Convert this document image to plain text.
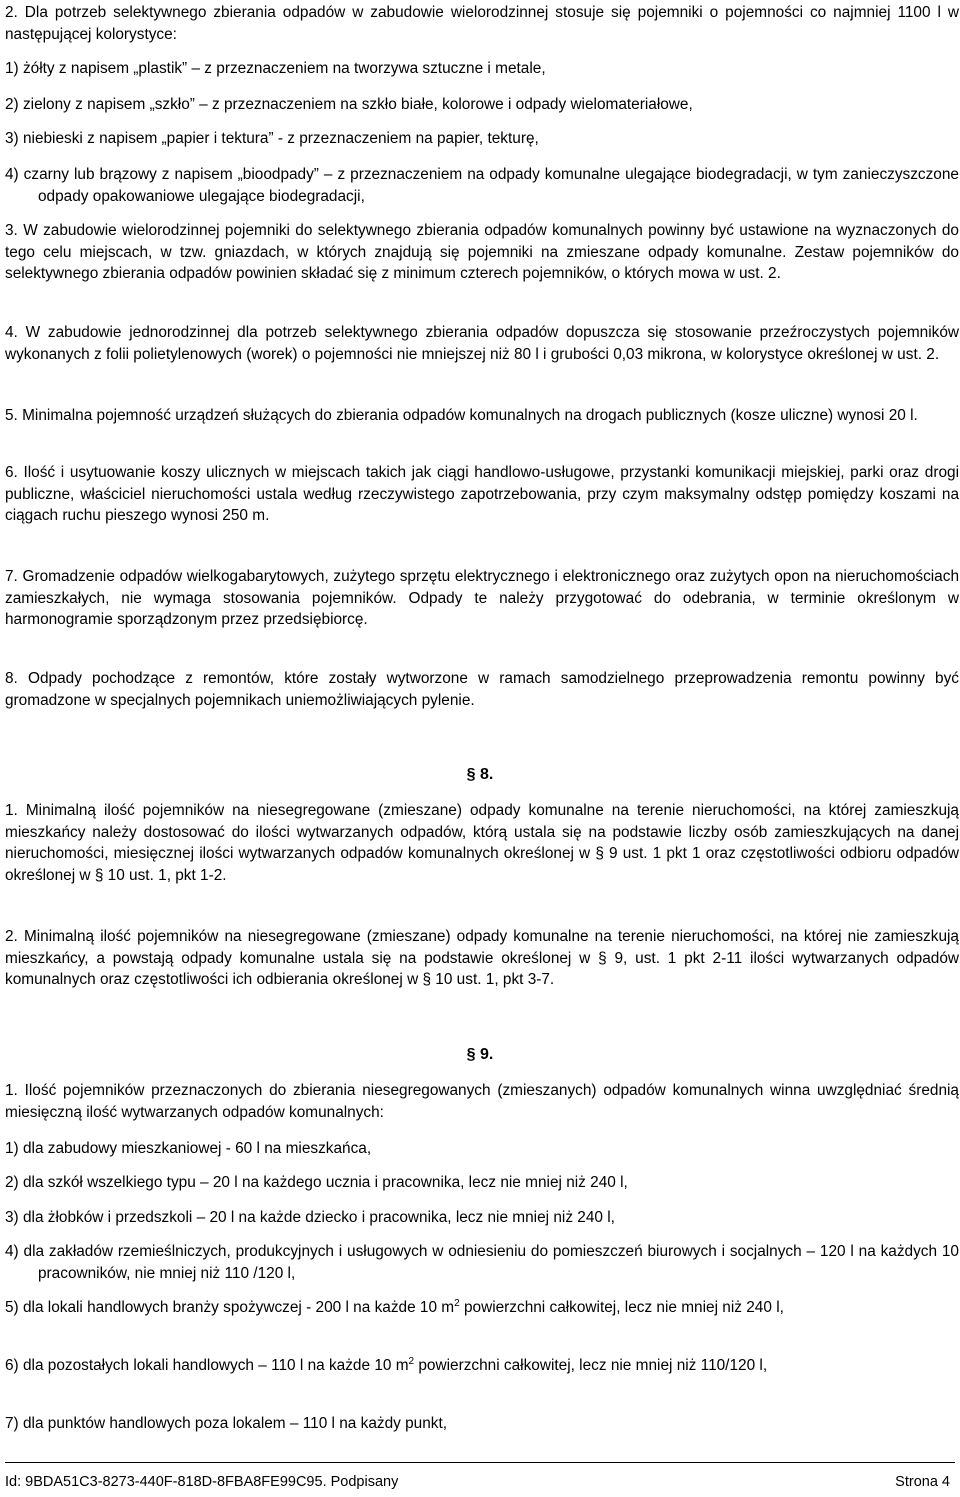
2. Dla potrzeb selektywnego zbierania odpadów w zabudowie wielorodzinnej stosuje się pojemniki o pojemności co najmniej 1100 l w następującej kolorystyce:

1) żółty z napisem „plastik” – z przeznaczeniem na tworzywa sztuczne i metale,

2) zielony z napisem „szkło” – z przeznaczeniem na szkło białe, kolorowe i odpady wielomateriałowe,

3) niebieski z napisem „papier i tektura” - z przeznaczeniem na papier, tekturę,

4) czarny lub brązowy z napisem „bioodpady” – z przeznaczeniem na odpady komunalne ulegające biodegradacji, w tym zanieczyszczone odpady opakowaniowe ulegające biodegradacji,

3. W zabudowie wielorodzinnej pojemniki do selektywnego zbierania odpadów komunalnych powinny być ustawione na wyznaczonych do tego celu miejscach, w tzw. gniazdach, w których znajdują się pojemniki na zmieszane odpady komunalne. Zestaw pojemników do selektywnego zbierania odpadów powinien składać się z minimum czterech pojemników, o których mowa w ust. 2.

4. W zabudowie jednorodzinnej dla potrzeb selektywnego zbierania odpadów dopuszcza się stosowanie przeźroczystych pojemników wykonanych z folii polietylenowych (worek) o pojemności nie mniejszej niż 80 l i grubości 0,03 mikrona, w kolorystyce określonej w ust. 2.

5. Minimalna pojemność urządzeń służących do zbierania odpadów komunalnych na drogach publicznych (kosze uliczne) wynosi 20 l.

6. Ilość i usytuowanie koszy ulicznych w miejscach takich jak ciągi handlowo-usługowe, przystanki komunikacji miejskiej, parki oraz drogi publiczne, właściciel nieruchomości ustala według rzeczywistego zapotrzebowania, przy czym maksymalny odstęp pomiędzy koszami na ciągach ruchu pieszego wynosi 250 m.

7. Gromadzenie odpadów wielkogabarytowych, zużytego sprzętu elektrycznego i elektronicznego oraz zużytych opon na nieruchomościach zamieszkałych, nie wymaga stosowania pojemników. Odpady te należy przygotować do odebrania, w terminie określonym w harmonogramie sporządzonym przez przedsiębiorcę.

8. Odpady pochodzące z remontów, które zostały wytworzone w ramach samodzielnego przeprowadzenia remontu powinny być gromadzone w specjalnych pojemnikach uniemożliwiających pylenie.

§ 8.

1. Minimalną ilość pojemników na niesegregowane (zmieszane) odpady komunalne na terenie nieruchomości, na której zamieszkują mieszkańcy należy dostosować do ilości wytwarzanych odpadów, którą ustala się na podstawie liczby osób zamieszkujących na danej nieruchomości, miesięcznej ilości wytwarzanych odpadów komunalnych określonej w § 9 ust. 1 pkt 1 oraz częstotliwości odbioru odpadów określonej w § 10 ust. 1, pkt 1-2.

2. Minimalną ilość pojemników na niesegregowane (zmieszane) odpady komunalne na terenie nieruchomości, na której nie zamieszkują mieszkańcy, a powstają odpady komunalne ustala się na podstawie określonej w § 9, ust. 1 pkt 2-11 ilości wytwarzanych odpadów komunalnych oraz częstotliwości ich odbierania określonej w § 10 ust. 1, pkt 3-7.

§ 9.

1. Ilość pojemników przeznaczonych do zbierania niesegregowanych (zmieszanych) odpadów komunalnych winna uwzględniać średnią miesięczną ilość wytwarzanych odpadów komunalnych:

1) dla zabudowy mieszkaniowej - 60 l na mieszkańca,

2) dla szkół wszelkiego typu – 20 l na każdego ucznia i pracownika, lecz nie mniej niż 240 l,

3) dla żłobków i przedszkoli – 20 l na każde dziecko i pracownika, lecz nie mniej niż 240 l,

4) dla zakładów rzemieślniczych, produkcyjnych i usługowych w odniesieniu do pomieszczeń biurowych i socjalnych – 120 l na każdych 10 pracowników, nie mniej niż 110 /120 l,

5) dla lokali handlowych branży spożywczej - 200 l na każde 10 $m^2$ powierzchni całkowitej, lecz nie mniej niż 240 l,

6) dla pozostałych lokali handlowych – 110 l na każde 10 $m^2$ powierzchni całkowitej, lecz nie mniej niż 110/120 l,

7) dla punktów handlowych poza lokalem – 110 l na każdy punkt,

Id: 9BDA51C3-8273-440F-818D-8FBA8FE99C95. Podpisany	Strona 4
